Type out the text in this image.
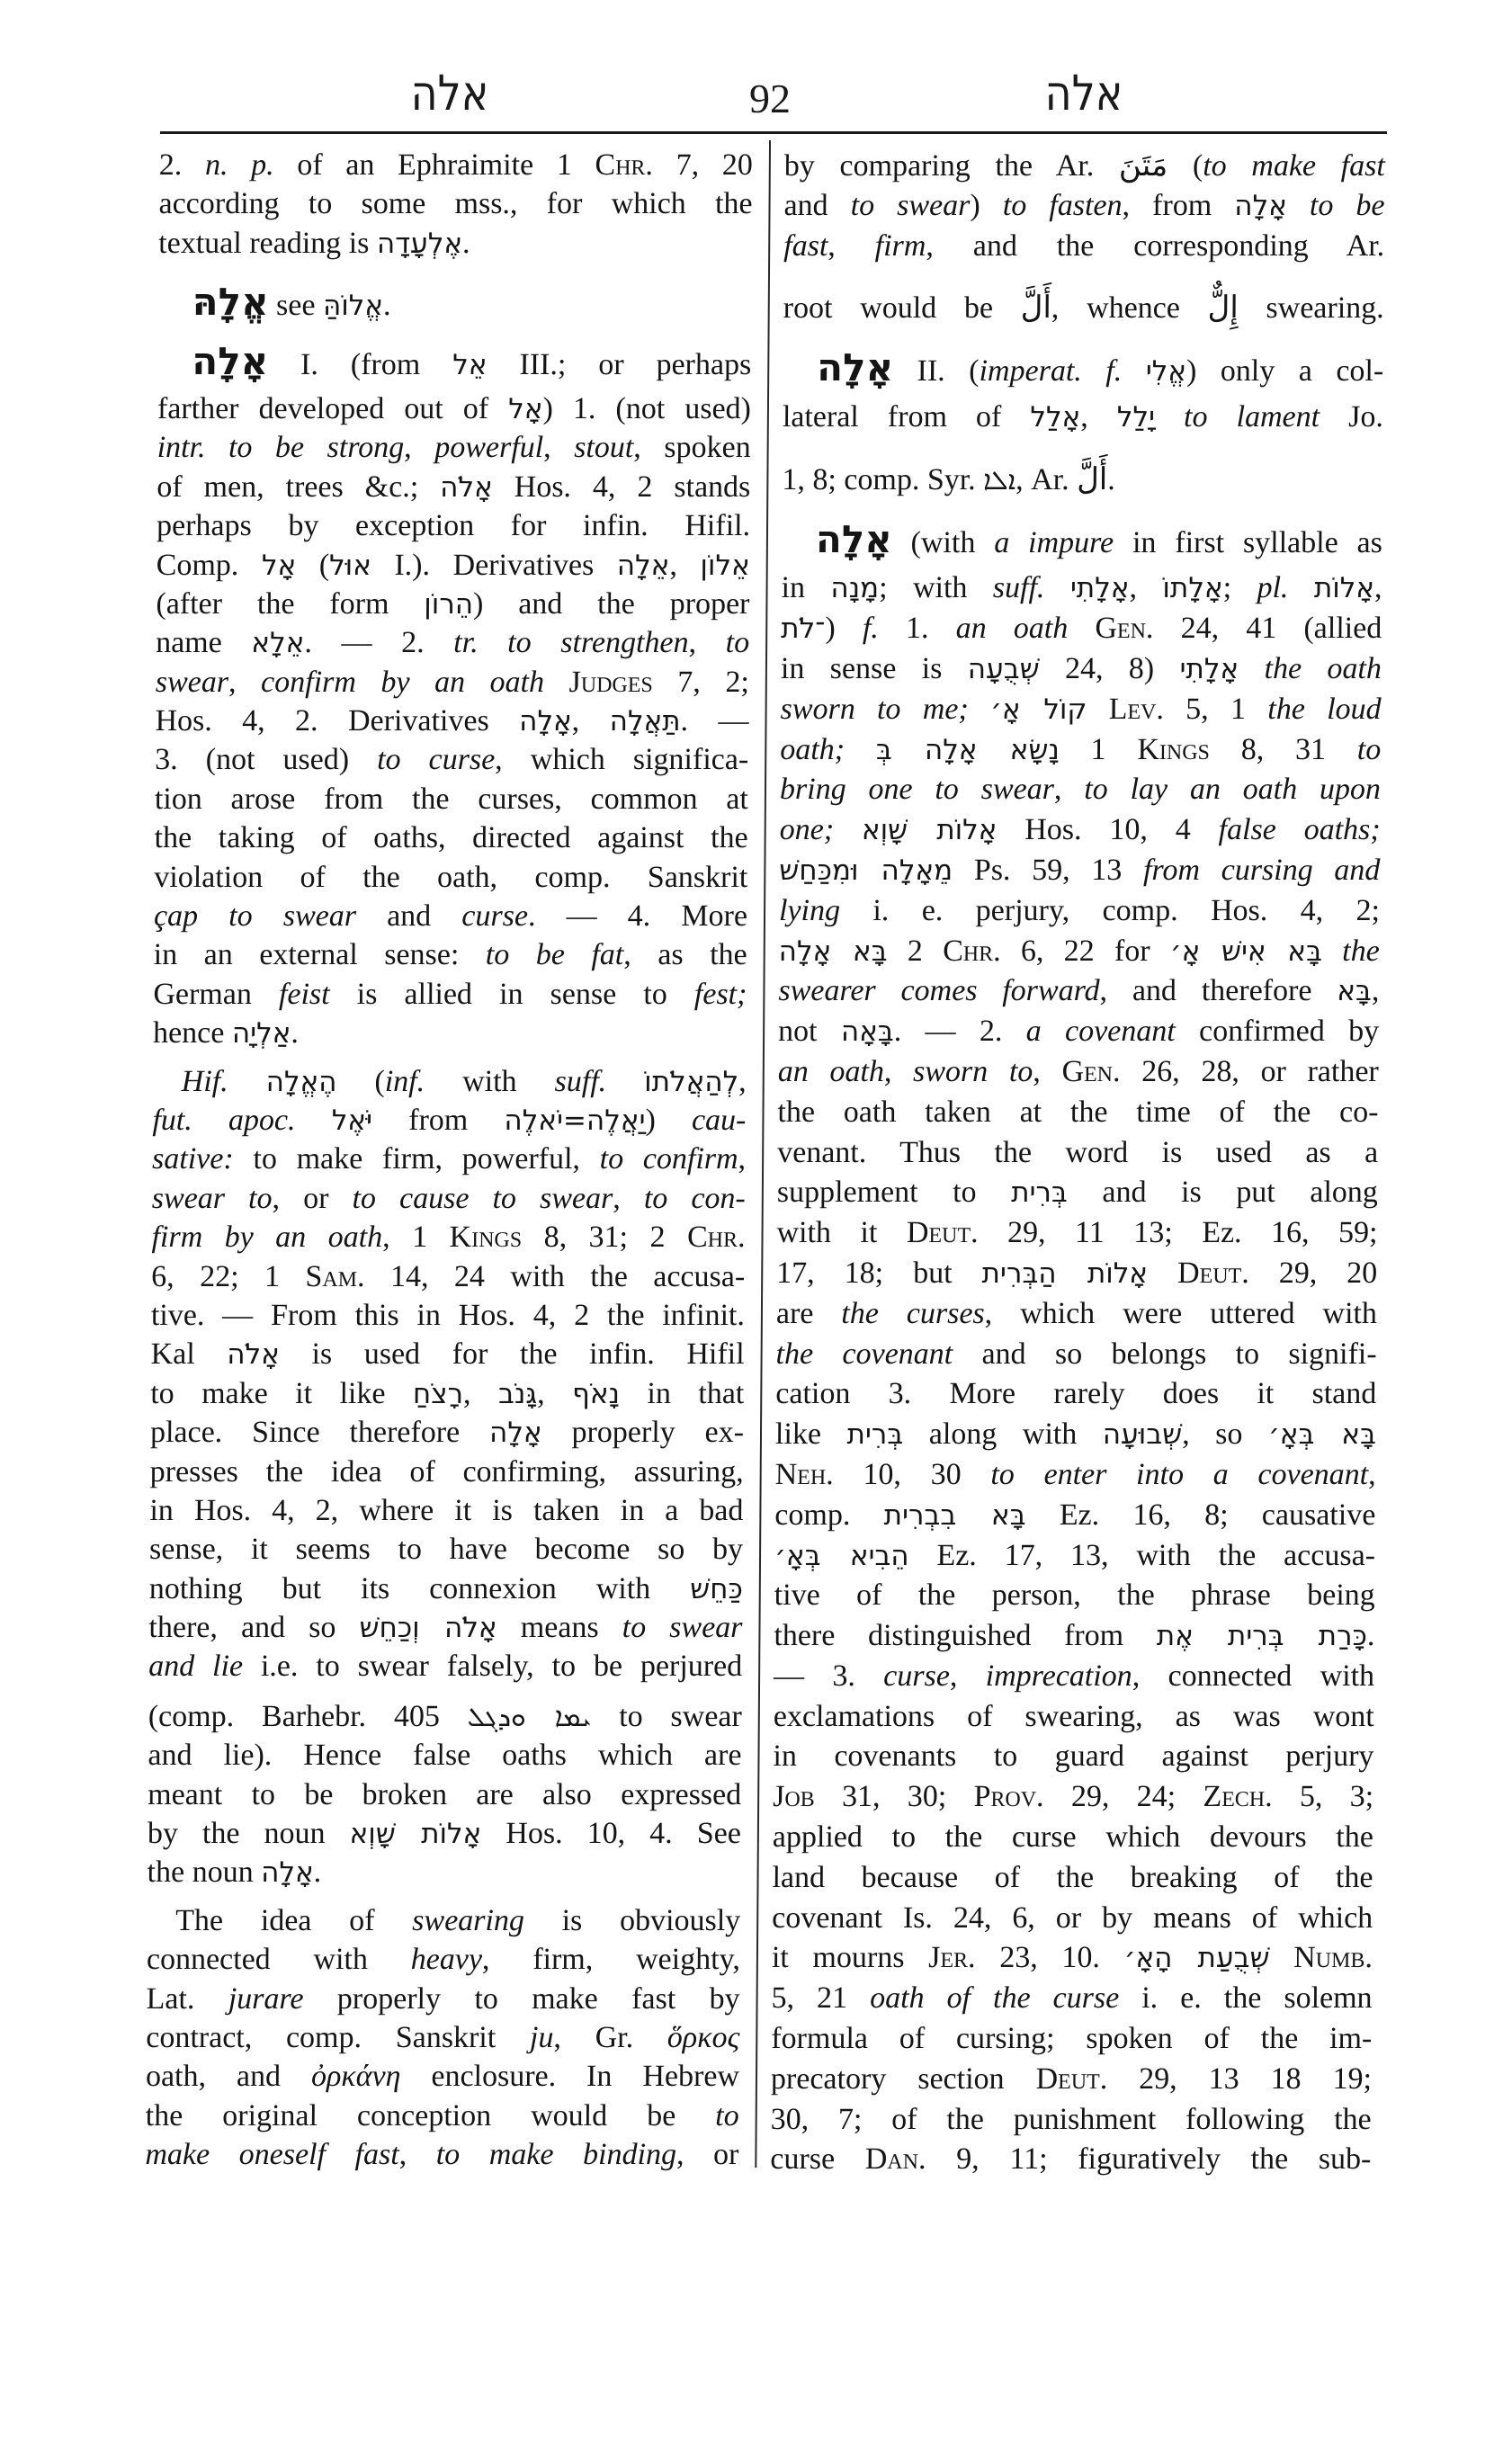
אלה	92	אלה
2. n. p. of an Ephraimite 1 Chr. 7, 20
according to some mss., for which the
textual reading is אֶלְעָדָה.
אֱלָהּ see אֱלוֹהַּ.
אָלָה I. (from אֵל III.; or perhaps
farther developed out of אָל) 1. (not used)
intr. to be strong, powerful, stout, spoken
of men, trees &c.; אָלֹה Hos. 4, 2 stands
perhaps by exception for infin. Hifil.
Comp. אָל (אוּל I.). Derivatives אֵלָה, אֵלוֹן
(after the form הֵרוֹן) and the proper
name אֵלָא. — 2. tr. to strengthen, to
swear, confirm by an oath Judges 7, 2;
Hos. 4, 2. Derivatives אָלָה, תַּאֲלָה. —
3. (not used) to curse, which significa-
tion arose from the curses, common at
the taking of oaths, directed against the
violation of the oath, comp. Sanskrit
çap to swear and curse. — 4. More
in an external sense: to be fat, as the
German feist is allied in sense to fest;
hence אַלְיָה.
Hif. הֶאֱלָה (inf. with suff. לְהַאֲלֹתוֹ,
fut. apoc. יֹּאֶל from יַאֲלֶה=יֹאלֶה) cau-
sative: to make firm, powerful, to confirm,
swear to, or to cause to swear, to con-
firm by an oath, 1 Kings 8, 31; 2 Chr.
6, 22; 1 Sam. 14, 24 with the accusa-
tive. — From this in Hos. 4, 2 the infinit.
Kal אָלֹה is used for the infin. Hifil
to make it like רָצֹחַ, גָּנֹב, נָאֹף in that
place. Since therefore אָלָה properly ex-
presses the idea of confirming, assuring,
in Hos. 4, 2, where it is taken in a bad
sense, it seems to have become so by
nothing but its connexion with כַּחֵשׁ
there, and so אָלֹה וְכַחֵשׁ means to swear
and lie i.e. to swear falsely, to be perjured
(comp. Barhebr. 405 ܝܡܐ ܘܕܓܠ to swear
and lie). Hence false oaths which are
meant to be broken are also expressed
by the noun אָלוֹת שָׁוְא Hos. 10, 4. See
the noun אָלָה.
The idea of swearing is obviously
connected with heavy, firm, weighty,
Lat. jurare properly to make fast by
contract, comp. Sanskrit ju, Gr. ὅρκος
oath, and ὀρκάνη enclosure. In Hebrew
the original conception would be to
make oneself fast, to make binding, or
by comparing the Ar. مَتَنَ (to make fast
and to swear) to fasten, from אָלָה to be
fast, firm, and the corresponding Ar.
root would be أَلَّ, whence إِلٌّ swearing.
אָלָה II. (imperat. f. אֱלִי) only a col-
lateral from of אָלַל, יָלַל to lament Jo.
1, 8; comp. Syr. ܐܠܐ, Ar. أَلَّ.
אָלָה (with a impure in first syllable as
in מָנָה; with suff. אָלָתִי, אָלָתוֹ; pl. אָלוֹת,
־לֹת) f. 1. an oath Gen. 24, 41 (allied
in sense is שְׁבֻעָה 24, 8) אָלָתִי the oath
sworn to me; קוֹל אָ׳ Lev. 5, 1 the loud
oath; נָשָׂא אָלָה בְּ 1 Kings 8, 31 to
bring one to swear, to lay an oath upon
one; אָלוֹת שָׁוְא Hos. 10, 4 false oaths;
מֵאָלָה וּמִכַּחַשׁ Ps. 59, 13 from cursing and
lying i. e. perjury, comp. Hos. 4, 2;
בָּא אָלָה 2 Chr. 6, 22 for בָּא אִישׁ אָ׳ the
swearer comes forward, and therefore בָּא,
not בָּאָה. — 2. a covenant confirmed by
an oath, sworn to, Gen. 26, 28, or rather
the oath taken at the time of the co-
venant. Thus the word is used as a
supplement to בְּרִית and is put along
with it Deut. 29, 11 13; Ez. 16, 59;
17, 18; but אָלוֹת הַבְּרִית Deut. 29, 20
are the curses, which were uttered with
the covenant and so belongs to signifi-
cation 3. More rarely does it stand
like בְּרִית along with שְׁבוּעָה, so בָּא בְּאָ׳
Neh. 10, 30 to enter into a covenant,
comp. בָּא בִבְרִית Ez. 16, 8; causative
הֵבִיא בְּאָ׳ Ez. 17, 13, with the accusa-
tive of the person, the phrase being
there distinguished from כָּרַת בְּרִית אֶת.
— 3. curse, imprecation, connected with
exclamations of swearing, as was wont
in covenants to guard against perjury
Job 31, 30; Prov. 29, 24; Zech. 5, 3;
applied to the curse which devours the
land because of the breaking of the
covenant Is. 24, 6, or by means of which
it mourns Jer. 23, 10. שְׁבֻעַת הָאָ׳ Numb.
5, 21 oath of the curse i. e. the solemn
formula of cursing; spoken of the im-
precatory section Deut. 29, 13 18 19;
30, 7; of the punishment following the
curse Dan. 9, 11; figuratively the sub-
